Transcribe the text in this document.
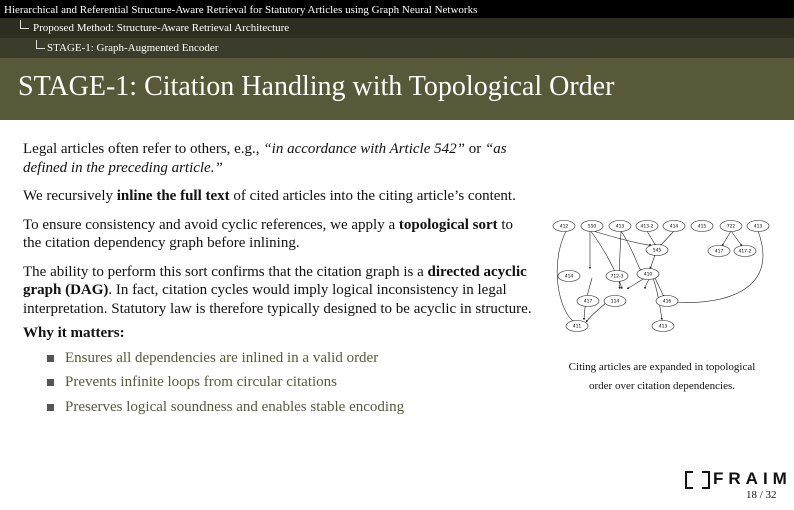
Hierarchical and Referential Structure-Aware Retrieval for Statutory Articles using Graph Neural Networks
Proposed Method: Structure-Aware Retrieval Architecture
STAGE-1: Graph-Augmented Encoder
STAGE-1: Citation Handling with Topological Order

Legal articles often refer to others, e.g., “in accordance with Article 542” or “as defined in the preceding article.”

We recursively inline the full text of cited articles into the citing article’s content.

To ensure consistency and avoid cyclic references, we apply a topological sort to the citation dependency graph before inlining.

The ability to perform this sort confirms that the citation graph is a directed acyclic graph (DAG). In fact, citation cycles would imply logical inconsistency in legal interpretation. Statutory law is therefore typically designed to be acyclic in structure.

Why it matters:
Ensures all dependencies are inlined in a valid order
Prevents infinite loops from circular citations
Preserves logical soundness and enables stable encoding
412	550	413	413-2	414	415	722	413
417	417-2
545
414	712-3	410
417	114	416
413
411
Citing articles are expanded in topological
order over citation dependencies.
FRAIM
18 / 32
